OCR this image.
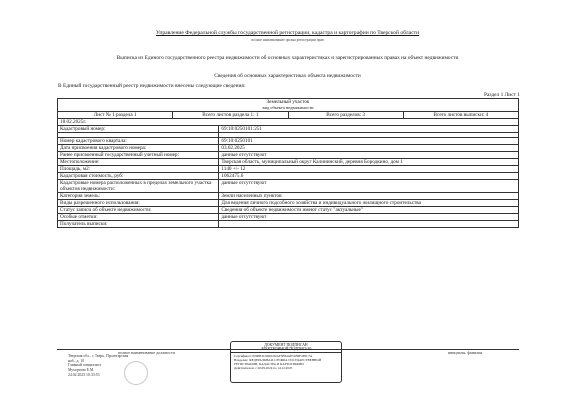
Управление Федеральной службы государственной регистрации, кадастра и картографии по Тверской области
полное наименование органа регистрации прав
Выписка из Единого государственного реестра недвижимости об основных характеристиках и зарегистрированных правах на объект недвижимости
Сведения об основных характеристиках объекта недвижимости
В Единый государственный реестр недвижимости внесены следующие сведения:
Раздел 1 Лист 1
Земельный участок
вид объекта недвижимости

Лист № 1 раздела 1	Всего листов раздела 1: 1	Всего разделов: 3	Всего листов выписки: 4
18.02.2025г.	
Кадастровый номер:	69:10:0250101:251

Номер кадастрового квартала:	69:10:0250101
Дата присвоения кадастрового номера:	03.02.2025
Ранее присвоенный государственный учетный номер:	данные отсутствуют
Местоположение:	Тверская область, муниципальный округ Калининский, деревня Бородкино, дом 1
Площадь, м2:	1140 +/- 12
Кадастровая стоимость, руб:	1062475.6
Кадастровые номера расположенных в пределах земельного участка объектов недвижимости:	данные отсутствуют
Категория земель:	Земли населенных пунктов
Виды разрешенного использования:	Для ведения личного подсобного хозяйства и индивидуального жилищного строительства
Статус записи об объекте недвижимости:	Сведения об объекте недвижимости имеют статус "актуальные"
Особые отметки:	данные отсутствуют
Получатель выписки:	
полное наименование должности	инициалы, фамилия
Тверская обл., г. Тверь, Пролетарская
наб., д. 10
Главный специалист
Мухортова Е.М.
24.02.2025 10:33:53
ДОКУМЕНТ ПОДПИСАН
ЭЛЕКТРОННОЙ ПОДПИСЬЮ
Сертификат: 0000B3C9D61D2AF3E84AE51B9F2F6C7A
Владелец: ФЕДЕРАЛЬНАЯ СЛУЖБА ГОСУДАРСТВЕННОЙ
РЕГИСТРАЦИИ, КАДАСТРА И КАРТОГРАФИИ
Действителен: с 20.09.2024 по 14.12.2025
